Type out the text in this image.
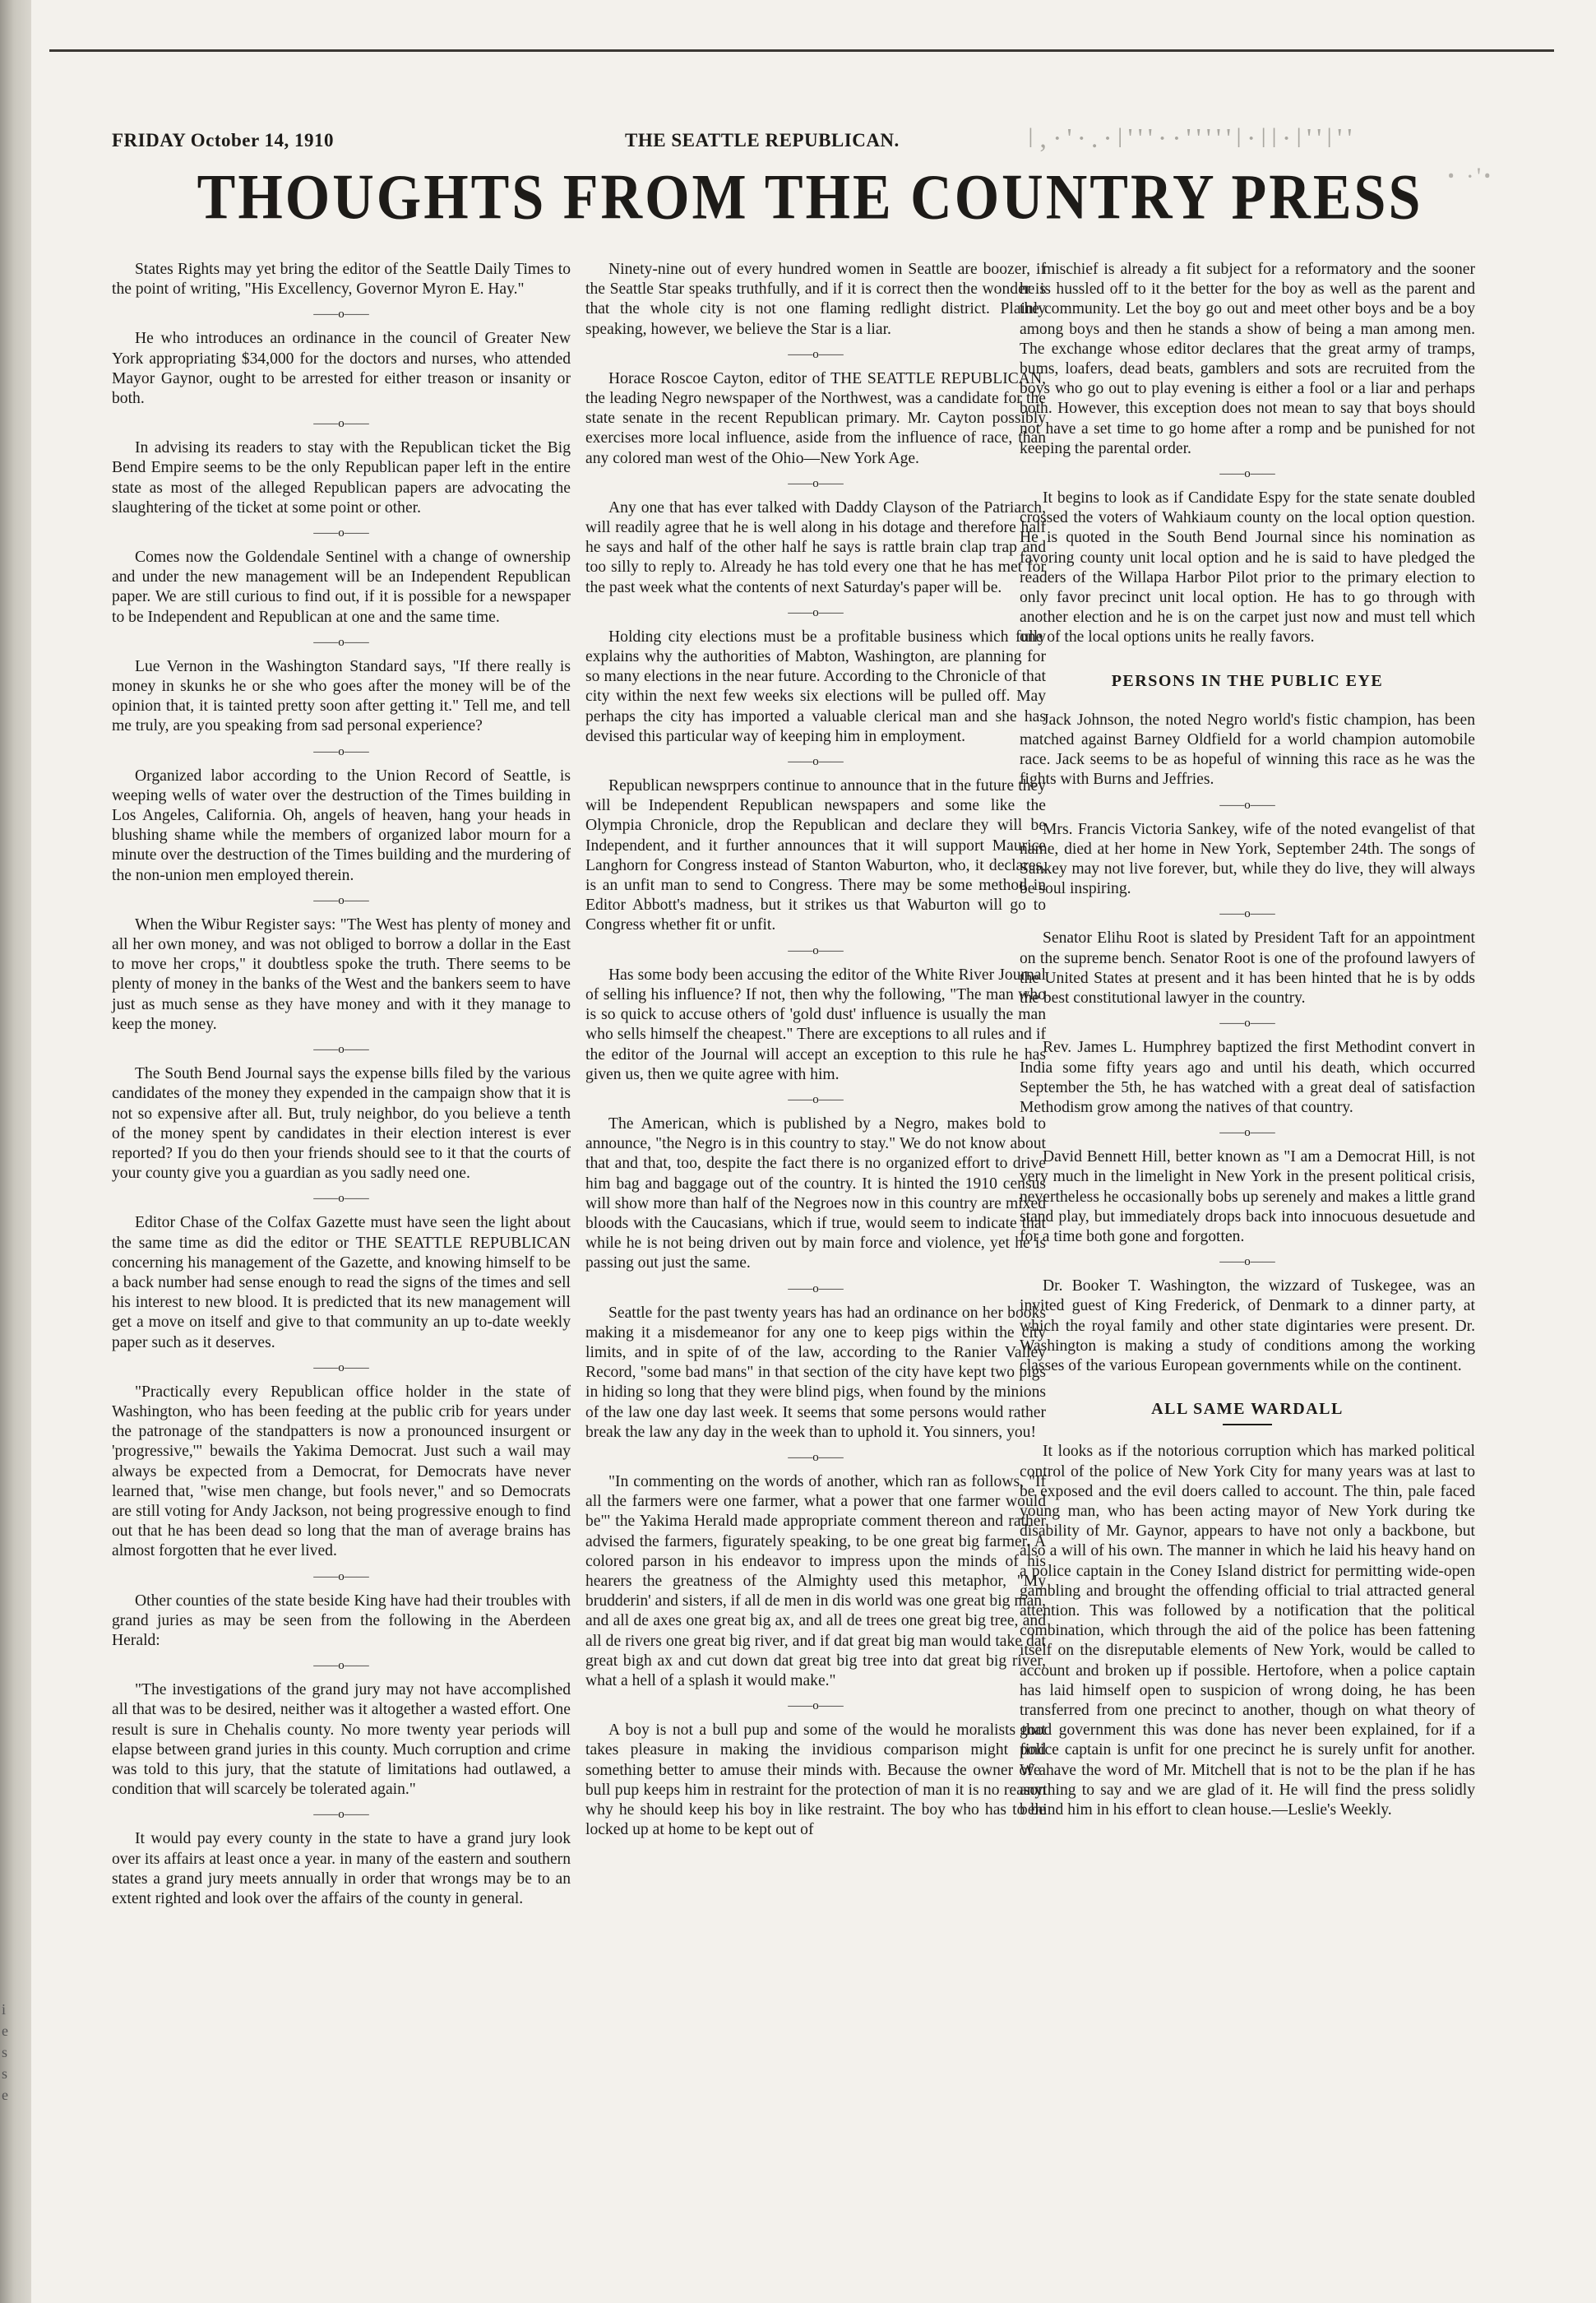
FRIDAY October 14, 1910	THE SEATTLE REPUBLICAN.	ǀ‚·'·.·ǀ'''··'''''ǀ·ǀǀ·ǀ''ǀ''
ꞏ ·'ꞏ
THOUGHTS FROM THE COUNTRY PRESS

States Rights may yet bring the editor of the Seattle Daily Times to the point of writing, "His Excellency, Governor Myron E. Hay."

——o——

He who introduces an ordinance in the council of Greater New York appropriating $34,000 for the doctors and nurses, who attended Mayor Gaynor, ought to be arrested for either treason or insanity or both.

——o——

In advising its readers to stay with the Republican ticket the Big Bend Empire seems to be the only Republican paper left in the entire state as most of the alleged Republican papers are advocating the slaughtering of the ticket at some point or other.

——o——

Comes now the Goldendale Sentinel with a change of ownership and under the new management will be an Independent Republican paper. We are still curious to find out, if it is possible for a newspaper to be Independent and Republican at one and the same time.

——o——

Lue Vernon in the Washington Standard says, "If there really is money in skunks he or she who goes after the money will be of the opinion that, it is tainted pretty soon after getting it." Tell me, and tell me truly, are you speaking from sad personal experience?

——o——

Organized labor according to the Union Record of Seattle, is weeping wells of water over the destruction of the Times building in Los Angeles, California. Oh, angels of heaven, hang your heads in blushing shame while the members of organized labor mourn for a minute over the destruction of the Times building and the murdering of the non-union men employed therein.

——o——

When the Wibur Register says: "The West has plenty of money and all her own money, and was not obliged to borrow a dollar in the East to move her crops," it doubtless spoke the truth. There seems to be plenty of money in the banks of the West and the bankers seem to have just as much sense as they have money and with it they manage to keep the money.

——o——

The South Bend Journal says the expense bills filed by the various candidates of the money they expended in the campaign show that it is not so expensive after all. But, truly neighbor, do you believe a tenth of the money spent by candidates in their election interest is ever reported? If you do then your friends should see to it that the courts of your county give you a guardian as you sadly need one.

——o——

Editor Chase of the Colfax Gazette must have seen the light about the same time as did the editor or THE SEATTLE REPUBLICAN concerning his management of the Gazette, and knowing himself to be a back number had sense enough to read the signs of the times and sell his interest to new blood. It is predicted that its new management will get a move on itself and give to that community an up to-date weekly paper such as it deserves.

——o——

"Practically every Republican office holder in the state of Washington, who has been feeding at the public crib for years under the patronage of the standpatters is now a pronounced insurgent or 'progressive,'" bewails the Yakima Democrat. Just such a wail may always be expected from a Democrat, for Democrats have never learned that, "wise men change, but fools never," and so Democrats are still voting for Andy Jackson, not being progressive enough to find out that he has been dead so long that the man of average brains has almost forgotten that he ever lived.

——o——

Other counties of the state beside King have had their troubles with grand juries as may be seen from the following in the Aberdeen Herald:

——o——

"The investigations of the grand jury may not have accomplished all that was to be desired, neither was it altogether a wasted effort. One result is sure in Chehalis county. No more twenty year periods will elapse between grand juries in this county. Much corruption and crime was told to this jury, that the statute of limitations had outlawed, a condition that will scarcely be tolerated again."

——o——

It would pay every county in the state to have a grand jury look over its affairs at least once a year. in many of the eastern and southern states a grand jury meets annually in order that wrongs may be to an extent righted and look over the affairs of the county in general.

Ninety-nine out of every hundred women in Seattle are boozer, if the Seattle Star speaks truthfully, and if it is correct then the wonder is that the whole city is not one flaming redlight district. Plainly speaking, however, we believe the Star is a liar.

——o——

Horace Roscoe Cayton, editor of THE SEATTLE REPUBLICAN, the leading Negro newspaper of the Northwest, was a candidate for the state senate in the recent Republican primary. Mr. Cayton possibly exercises more local influence, aside from the influence of race, than any colored man west of the Ohio—New York Age.

——o——

Any one that has ever talked with Daddy Clayson of the Patriarch, will readily agree that he is well along in his dotage and therefore half he says and half of the other half he says is rattle brain clap trap and too silly to reply to. Already he has told every one that he has met for the past week what the contents of next Saturday's paper will be.

——o——

Holding city elections must be a profitable business which fully explains why the authorities of Mabton, Washington, are planning for so many elections in the near future. According to the Chronicle of that city within the next few weeks six elections will be pulled off. May perhaps the city has imported a valuable clerical man and she has devised this particular way of keeping him in employment.

——o——

Republican newsprpers continue to announce that in the future they will be Independent Republican newspapers and some like the Olympia Chronicle, drop the Republican and declare they will be Independent, and it further announces that it will support Maurice Langhorn for Congress instead of Stanton Waburton, who, it declares, is an unfit man to send to Congress. There may be some method in Editor Abbott's madness, but it strikes us that Waburton will go to Congress whether fit or unfit.

——o——

Has some body been accusing the editor of the White River Journal of selling his influence? If not, then why the following, "The man who is so quick to accuse others of 'gold dust' influence is usually the man who sells himself the cheapest." There are exceptions to all rules and if the editor of the Journal will accept an exception to this rule he has given us, then we quite agree with him.

——o——

The American, which is published by a Negro, makes bold to announce, "the Negro is in this country to stay." We do not know about that and that, too, despite the fact there is no organized effort to drive him bag and baggage out of the country. It is hinted the 1910 census will show more than half of the Negroes now in this country are mixed bloods with the Caucasians, which if true, would seem to indicate that while he is not being driven out by main force and violence, yet he is passing out just the same.

——o——

Seattle for the past twenty years has had an ordinance on her books making it a misdemeanor for any one to keep pigs within the city limits, and in spite of of the law, according to the Ranier Valley Record, "some bad mans" in that section of the city have kept two pigs in hiding so long that they were blind pigs, when found by the minions of the law one day last week. It seems that some persons would rather break the law any day in the week than to uphold it. You sinners, you!

——o——

"In commenting on the words of another, which ran as follows, "If all the farmers were one farmer, what a power that one farmer would be"' the Yakima Herald made appropriate comment thereon and rather advised the farmers, figurately speaking, to be one great big farmer. A colored parson in his endeavor to impress upon the minds of his hearers the greatness of the Almighty used this metaphor, "My brudderin' and sisters, if all de men in dis world was one great big man, and all de axes one great big ax, and all de trees one great big tree, and all de rivers one great big river, and if dat great big man would take dat great bigh ax and cut down dat great big tree into dat great big river, what a hell of a splash it would make."

——o——

A boy is not a bull pup and some of the would he moralists that takes pleasure in making the invidious comparison might find something better to amuse their minds with. Because the owner of a bull pup keeps him in restraint for the protection of man it is no reason why he should keep his boy in like restraint. The boy who has to be locked up at home to be kept out of

mischief is already a fit subject for a reformatory and the sooner he is hussled off to it the better for the boy as well as the parent and the community. Let the boy go out and meet other boys and be a boy among boys and then he stands a show of being a man among men. The exchange whose editor declares that the great army of tramps, bums, loafers, dead beats, gamblers and sots are recruited from the boys who go out to play evening is either a fool or a liar and perhaps both. However, this exception does not mean to say that boys should not have a set time to go home after a romp and be punished for not keeping the parental order.

——o——

It begins to look as if Candidate Espy for the state senate doubled crossed the voters of Wahkiaum county on the local option question. He is quoted in the South Bend Journal since his nomination as favoring county unit local option and he is said to have pledged the readers of the Willapa Harbor Pilot prior to the primary election to only favor precinct unit local option. He has to go through with another election and he is on the carpet just now and must tell which one of the local options units he really favors.

PERSONS IN THE PUBLIC EYE

Jack Johnson, the noted Negro world's fistic champion, has been matched against Barney Oldfield for a world champion automobile race. Jack seems to be as hopeful of winning this race as he was the fights with Burns and Jeffries.

——o——

Mrs. Francis Victoria Sankey, wife of the noted evangelist of that name, died at her home in New York, September 24th. The songs of Sankey may not live forever, but, while they do live, they will always be soul inspiring.

——o——

Senator Elihu Root is slated by President Taft for an appointment on the supreme bench. Senator Root is one of the profound lawyers of the United States at present and it has been hinted that he is by odds the best constitutional lawyer in the country.

——o——

Rev. James L. Humphrey baptized the first Methodint convert in India some fifty years ago and until his death, which occurred September the 5th, he has watched with a great deal of satisfaction Methodism grow among the natives of that country.

——o——

David Bennett Hill, better known as "I am a Democrat Hill, is not very much in the limelight in New York in the present political crisis, nevertheless he occasionally bobs up serenely and makes a little grand stand play, but immediately drops back into innocuous desuetude and for a time both gone and forgotten.

——o——

Dr. Booker T. Washington, the wizzard of Tuskegee, was an invited guest of King Frederick, of Denmark to a dinner party, at which the royal family and other state digintaries were present. Dr. Washington is making a study of conditions among the working classes of the various European governments while on the continent.

ALL SAME WARDALL

It looks as if the notorious corruption which has marked political control of the police of New York City for many years was at last to be exposed and the evil doers called to account. The thin, pale faced young man, who has been acting mayor of New York during tke disability of Mr. Gaynor, appears to have not only a backbone, but also a will of his own. The manner in which he laid his heavy hand on a police captain in the Coney Island district for permitting wide-open gambling and brought the offending official to trial attracted general attention. This was followed by a notification that the political combination, which through the aid of the police has been fattening itself on the disreputable elements of New York, would be called to account and broken up if possible. Hertofore, when a police captain has laid himself open to suspicion of wrong doing, he has been transferred from one precinct to another, though on what theory of good government this was done has never been explained, for if a police captain is unfit for one precinct he is surely unfit for another. We have the word of Mr. Mitchell that is not to be the plan if he has anything to say and we are glad of it. He will find the press solidly behind him in his effort to clean house.—Leslie's Weekly.

i
e
s
s
e
